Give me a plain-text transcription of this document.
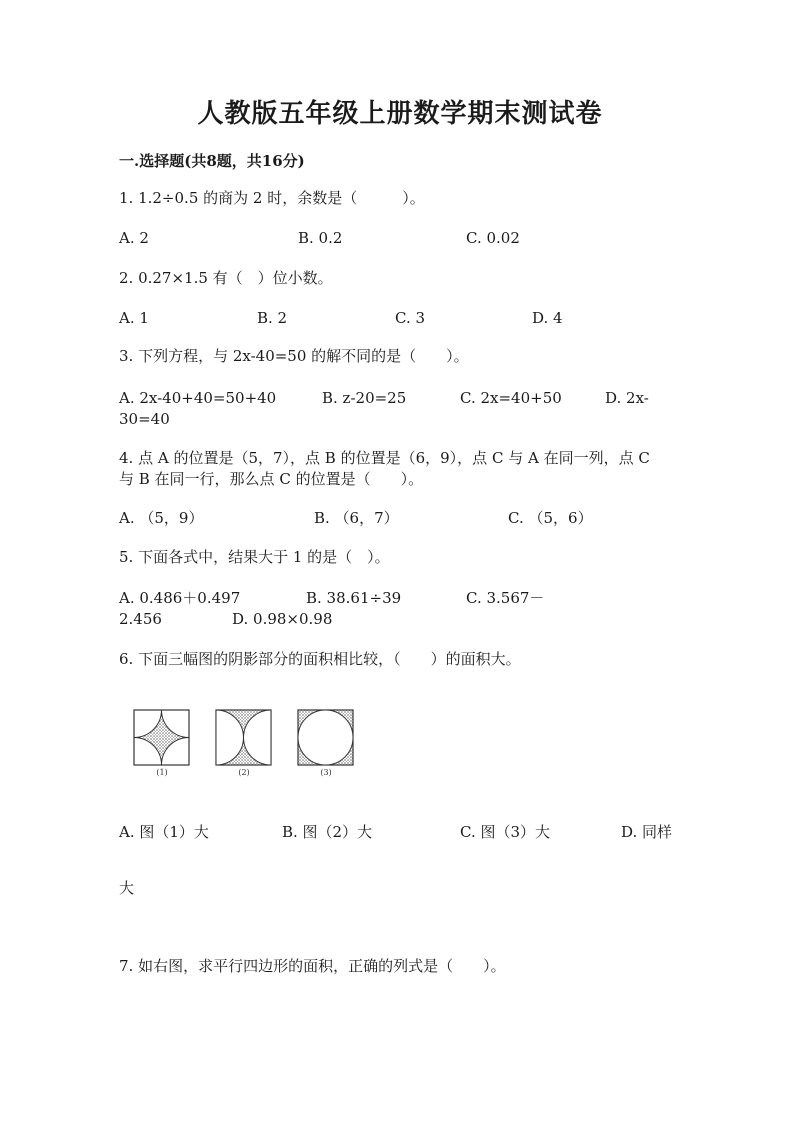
人教版五年级上册数学期末测试卷
一.选择题(共8题，共16分)
1. 1.2÷0.5 的商为 2 时，余数是（　　　）。
A. 2	B. 0.2	C. 0.02
2. 0.27×1.5 有（　）位小数。
A. 1	B. 2	C. 3	D. 4
3. 下列方程，与 2x-40=50 的解不同的是（　　）。
A. 2x-40+40=50+40	B. z-20=25	C. 2x=40+50	D. 2x-
30=40
4. 点 A 的位置是（5，7），点 B 的位置是（6，9），点 C 与 A 在同一列，点 C
与 B 在同一行，那么点 C 的位置是（　　）。
A. （5，9）	B. （6，7）	C. （5，6）
5. 下面各式中，结果大于 1 的是（　）。
A. 0.486＋0.497	B. 38.61÷39	C. 3.567－
2.456	D. 0.98×0.98
6. 下面三幅图的阴影部分的面积相比较，（　　）的面积大。
(1)	(2)	(3)
A. 图（1）大	B. 图（2）大	C. 图（3）大	D. 同样
大
7. 如右图，求平行四边形的面积，正确的列式是（　　）。
